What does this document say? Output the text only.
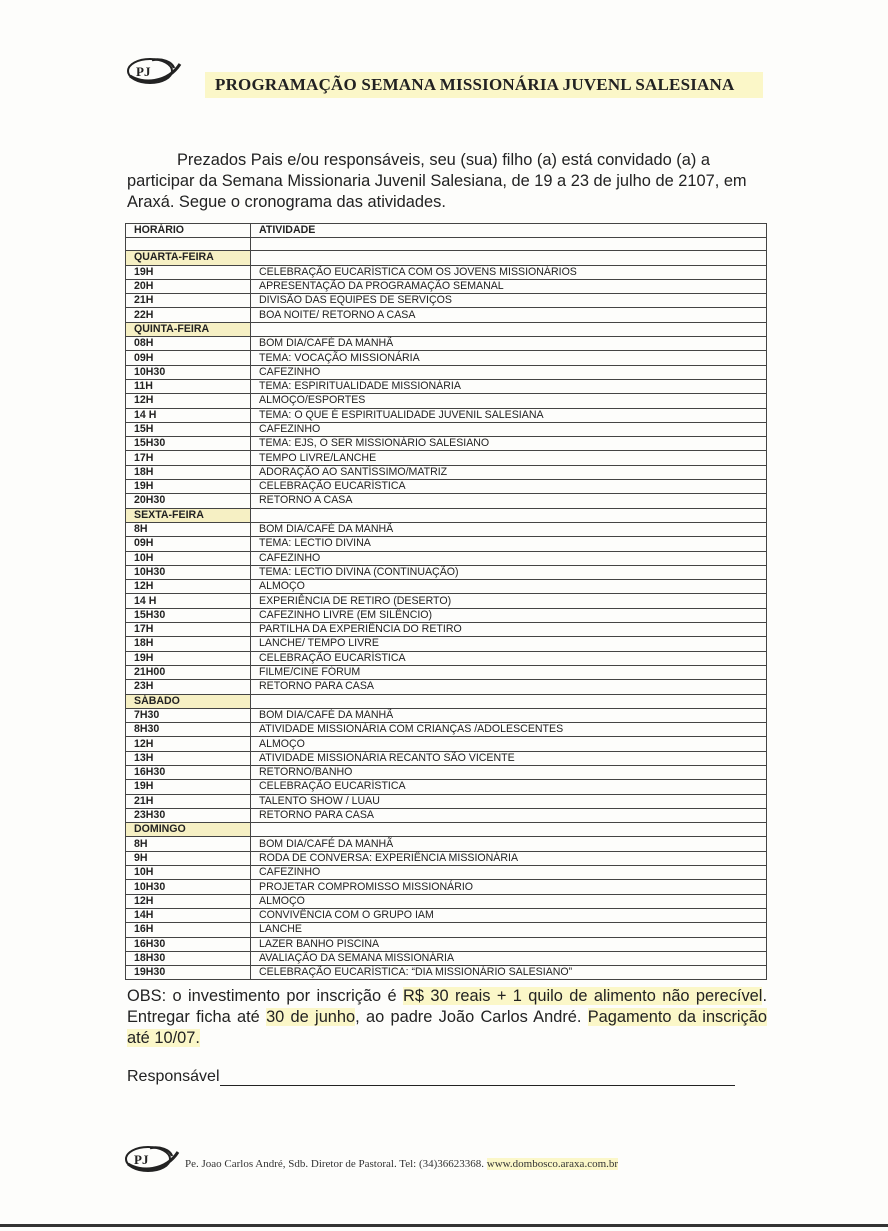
PJ
PROGRAMAÇÃO SEMANA MISSIONÁRIA JUVENL SALESIANA

Prezados Pais e/ou responsáveis, seu (sua) filho (a) está convidado (a) a participar da Semana Missionaria Juvenil Salesiana, de 19 a 23 de julho de 2107, em Araxá. Segue o cronograma das atividades.

HORÁRIO	ATIVIDADE

QUARTA-FEIRA	
19H	CELEBRAÇÃO EUCARÍSTICA COM OS JOVENS MISSIONÁRIOS
20H	APRESENTAÇÃO DA PROGRAMAÇÃO SEMANAL
21H	DIVISÃO DAS EQUIPES DE SERVIÇOS
22H	BOA NOITE/ RETORNO A CASA
QUINTA-FEIRA	
08H	BOM DIA/CAFÉ DA MANHÃ
09H	TEMA: VOCAÇÃO MISSIONÁRIA
10H30	CAFEZINHO
11H	TEMA: ESPIRITUALIDADE MISSIONÁRIA
12H	ALMOÇO/ESPORTES
14 H	TEMA: O QUE É ESPIRITUALIDADE JUVENIL SALESIANA
15H	CAFEZINHO
15H30	TEMA: EJS, O SER MISSIONÁRIO SALESIANO
17H	TEMPO LIVRE/LANCHE
18H	ADORAÇÃO AO SANTÍSSIMO/MATRIZ
19H	CELEBRAÇÃO EUCARÍSTICA
20H30	RETORNO A CASA
SEXTA-FEIRA	
8H	BOM DIA/CAFÉ DA MANHÃ
09H	TEMA: LECTIO DIVINA
10H	CAFEZINHO
10H30	TEMA: LECTIO DIVINA (CONTINUAÇÃO)
12H	ALMOÇO
14 H	EXPERIÊNCIA DE RETIRO (DESERTO)
15H30	CAFEZINHO LIVRE (EM SILÊNCIO)
17H	PARTILHA DA EXPERIÊNCIA DO RETIRO
18H	LANCHE/ TEMPO LIVRE
19H	CELEBRAÇÃO EUCARÍSTICA
21H00	FILME/CINE FÓRUM
23H	RETORNO PARA CASA
SÁBADO	
7H30	BOM DIA/CAFÉ DA MANHÃ
8H30	ATIVIDADE MISSIONÁRIA COM CRIANÇAS /ADOLESCENTES
12H	ALMOÇO
13H	ATIVIDADE MISSIONÁRIA RECANTO SÃO VICENTE
16H30	RETORNO/BANHO
19H	CELEBRAÇÃO EUCARÍSTICA
21H	TALENTO SHOW / LUAU
23H30	RETORNO PARA CASA
DOMINGO	
8H	BOM DIA/CAFÉ DA MANHÃ
9H	RODA DE CONVERSA: EXPERIÊNCIA MISSIONÁRIA
10H	CAFEZINHO
10H30	PROJETAR COMPROMISSO MISSIONÁRIO
12H	ALMOÇO
14H	CONVIVÊNCIA COM O GRUPO IAM
16H	LANCHE
16H30	LAZER BANHO PISCINA
18H30	AVALIAÇÃO DA SEMANA MISSIONÁRIA
19H30	CELEBRAÇÃO EUCARÍSTICA: “DIA MISSIONÁRIO SALESIANO”
OBS: o investimento por inscrição é R$ 30 reais + 1 quilo de alimento não perecível. Entregar ficha até 30 de junho, ao padre João Carlos André. Pagamento da inscrição até 10/07.
Responsável
PJ	Pe. Joao Carlos André, Sdb. Diretor de Pastoral. Tel: (34)36623368. www.dombosco.araxa.com.br
